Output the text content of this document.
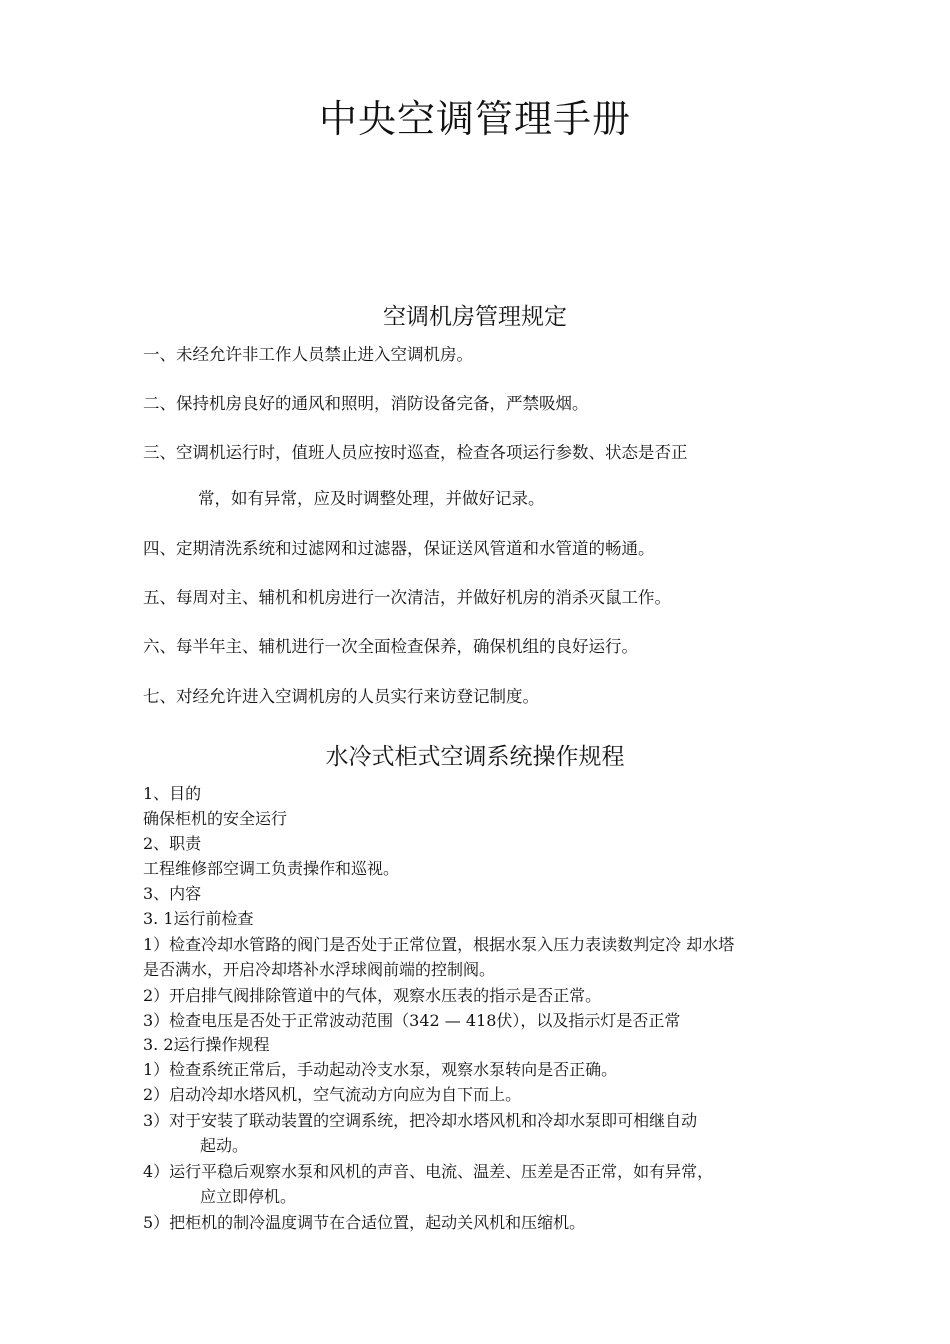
中央空调管理手册
空调机房管理规定
一、未经允许非工作人员禁止进入空调机房。
二、保持机房良好的通风和照明，消防设备完备，严禁吸烟。
三、空调机运行时，值班人员应按时巡查，检查各项运行参数、状态是否正
常，如有异常，应及时调整处理，并做好记录。
四、定期清洗系统和过滤网和过滤器，保证送风管道和水管道的畅通。
五、每周对主、辅机和机房进行一次清洁，并做好机房的消杀灭鼠工作。
六、每半年主、辅机进行一次全面检查保养，确保机组的良好运行。
七、对经允许进入空调机房的人员实行来访登记制度。
水冷式柜式空调系统操作规程
1、目的
确保柜机的安全运行
2、职责
工程维修部空调工负责操作和巡视。
3、内容
3. 1运行前检查
1）检查冷却水管路的阀门是否处于正常位置，根据水泵入压力表读数判定冷 却水塔
是否满水，开启冷却塔补水浮球阀前端的控制阀。
2）开启排气阀排除管道中的气体，观察水压表的指示是否正常。
3）检查电压是否处于正常波动范围（342 — 418伏），以及指示灯是否正常
3. 2运行操作规程
1）检查系统正常后，手动起动冷支水泵，观察水泵转向是否正确。
2）启动冷却水塔风机，空气流动方向应为自下而上。
3）对于安装了联动装置的空调系统，把冷却水塔风机和冷却水泵即可相继自动
起动。
4）运行平稳后观察水泵和风机的声音、电流、温差、压差是否正常，如有异常，
应立即停机。
5）把柜机的制冷温度调节在合适位置，起动关风机和压缩机。
